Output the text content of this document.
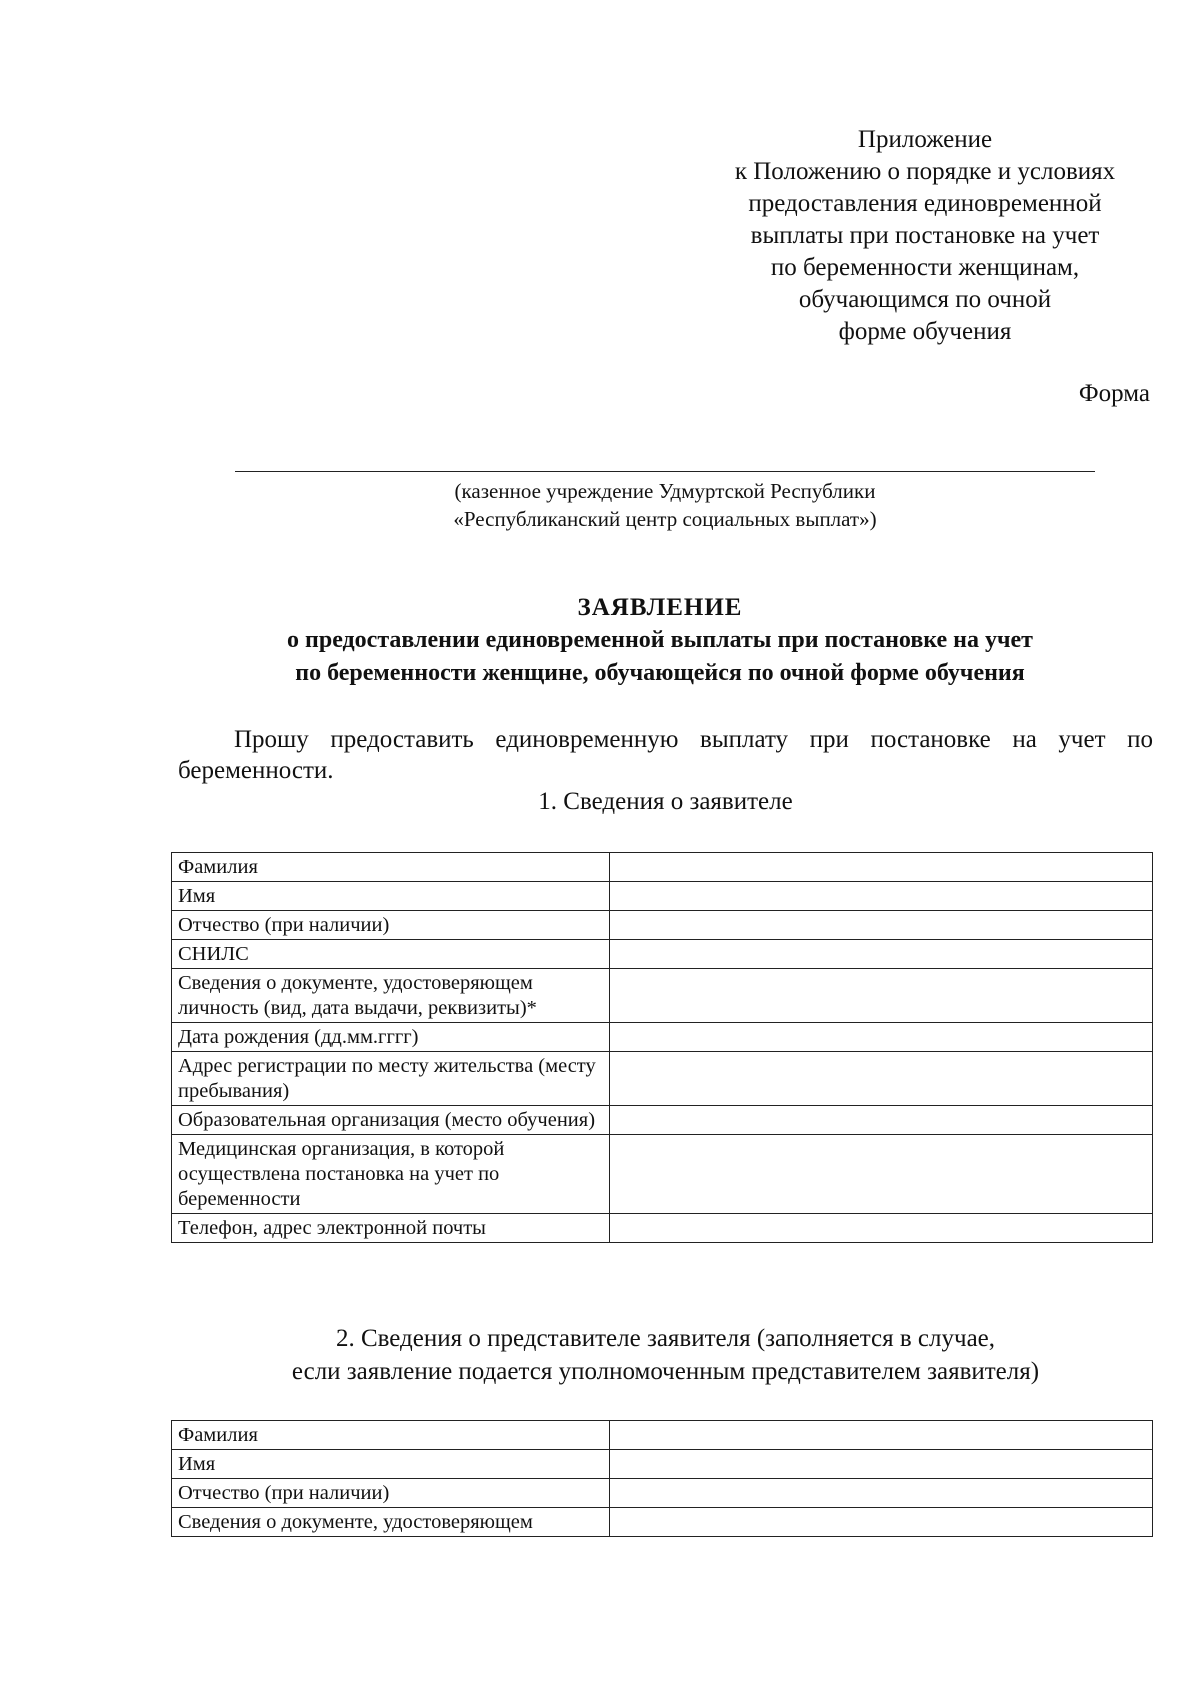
Приложение
к Положению о порядке и условиях
предоставления единовременной
выплаты при постановке на учет
по беременности женщинам,
обучающимся по очной
форме обучения
Форма
(казенное учреждение Удмуртской Республики
«Республиканский центр социальных выплат»)
ЗАЯВЛЕНИЕ
о предоставлении единовременной выплаты при постановке на учет
по беременности женщине, обучающейся по очной форме обучения
Прошу предоставить единовременную выплату при постановке на учет по беременности.
1. Сведения о заявителе
Фамилия	
Имя	
Отчество (при наличии)	
СНИЛС	
Сведения о документе, удостоверяющем личность (вид, дата выдачи, реквизиты)*	
Дата рождения (дд.мм.гггг)	
Адрес регистрации по месту жительства (месту пребывания)	
Образовательная организация (место обучения)	
Медицинская организация, в которой осуществлена постановка на учет по беременности	
Телефон, адрес электронной почты	
2. Сведения о представителе заявителя (заполняется в случае,
если заявление подается уполномоченным представителем заявителя)
Фамилия	
Имя	
Отчество (при наличии)	
Сведения о документе, удостоверяющем	
